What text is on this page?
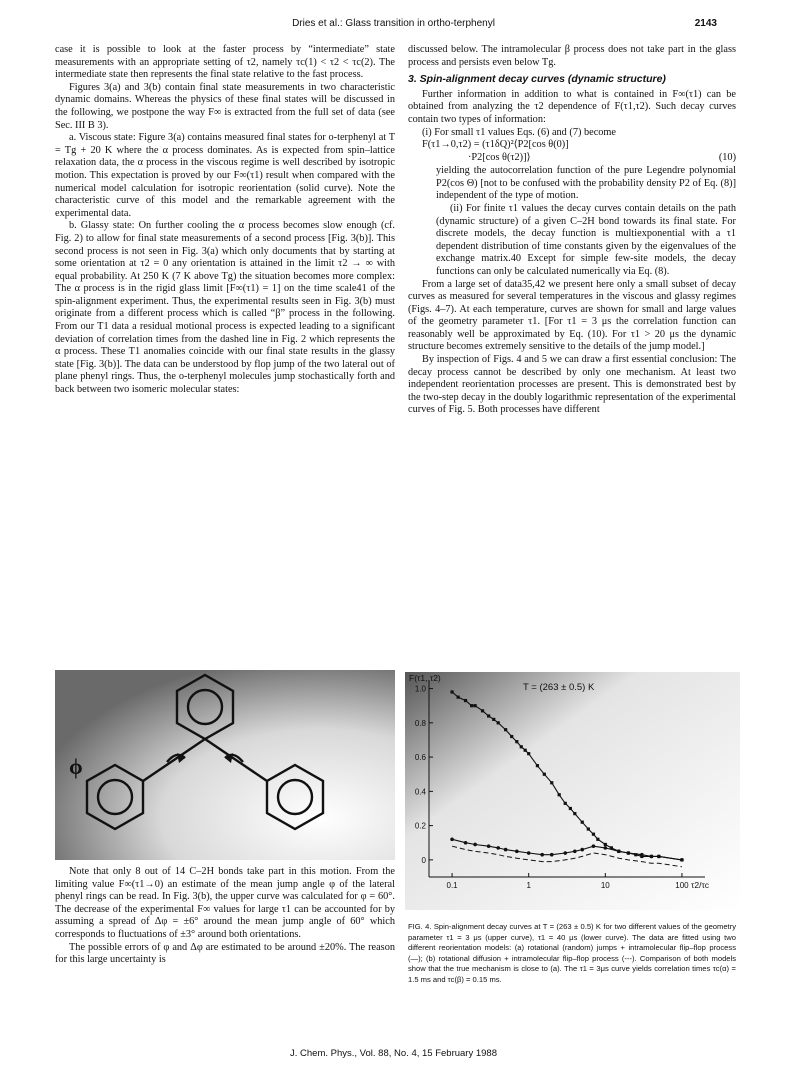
Dries et al.: Glass transition in ortho-terphenyl	2143

case it is possible to look at the faster process by “intermediate” state measurements with an appropriate setting of τ2, namely τc(1) < τ2 < τc(2). The intermediate state then represents the final state relative to the fast process.

Figures 3(a) and 3(b) contain final state measurements in two characteristic dynamic domains. Whereas the physics of these final states will be discussed in the following, we postpone the way F∞ is extracted from the full set of data (see Sec. III B 3).

a. Viscous state: Figure 3(a) contains measured final states for o-terphenyl at T = Tg + 20 K where the α process dominates. As is expected from spin–lattice relaxation data, the α process in the viscous regime is well described by isotropic motion. This expectation is proved by our F∞(τ1) result when compared with the numerical model calculation for isotropic reorientation (solid curve). Note the characteristic curve of this model and the remarkable agreement with the experimental data.

b. Glassy state: On further cooling the α process becomes slow enough (cf. Fig. 2) to allow for final state measurements of a second process [Fig. 3(b)]. This second process is not seen in Fig. 3(a) which only documents that by starting at some orientation at τ2 = 0 any orientation is attained in the limit τ2 → ∞ with equal probability. At 250 K (7 K above Tg) the situation becomes more complex: The α process is in the rigid glass limit [F∞(τ1) = 1] on the time scale41 of the spin-alignment experiment. Thus, the experimental results seen in Fig. 3(b) must originate from a different process which is called “β” process in the following. From our T1 data a residual motional process is expected leading to a significant deviation of correlation times from the dashed line in Fig. 2 which represents the α process. These T1 anomalies coincide with our final state results in the glassy state [Fig. 3(b)]. The data can be understood by flop jump of the two lateral out of plane phenyl rings. Thus, the o-terphenyl molecules jump stochastically forth and back between two isomeric molecular states:

ϕ

Note that only 8 out of 14 C–2H bonds take part in this motion. From the limiting value F∞(τ1→0) an estimate of the mean jump angle φ of the lateral phenyl rings can be read. In Fig. 3(b), the upper curve was calculated for φ = 60°. The decrease of the experimental F∞ values for large τ1 can be accounted for by assuming a spread of Δφ = ±6° around the mean jump angle of 60° which corresponds to fluctuations of ±3° around both orientations.

The possible errors of φ and Δφ are estimated to be around ±20%. The reason for this large uncertainty is

discussed below. The intramolecular β process does not take part in the glass process and persists even below Tg.

3. Spin-alignment decay curves (dynamic structure)

Further information in addition to what is contained in F∞(τ1) can be obtained from analyzing the τ2 dependence of F(τ1,τ2). Such decay curves contain two types of information:

(i) For small τ1 values Eqs. (6) and (7) become

F(τ1→0,τ2) = (τ1δQ)²⟨P2[cos θ(0)]
·P2[cos θ(τ2)]⟩	(10)

yielding the autocorrelation function of the pure Legendre polynomial P2(cos Θ) [not to be confused with the probability density P2 of Eq. (8)] independent of the type of motion.

(ii) For finite τ1 values the decay curves contain details on the path (dynamic structure) of a given C–2H bond towards its final state. For discrete models, the decay function is multiexponential with a τ1 dependent distribution of time constants given by the eigenvalues of the exchange matrix.40 Except for simple few-site models, the decay functions can only be calculated numerically via Eq. (8).

From a large set of data35,42 we present here only a small subset of decay curves as measured for several temperatures in the viscous and glassy regimes (Figs. 4–7). At each temperature, curves are shown for small and large values of the geometry parameter τ1. [For τ1 = 3 μs the correlation function can reasonably well be approximated by Eq. (10). For τ1 > 20 μs the dynamic structure becomes extremely sensitive to the details of the jump model.]

By inspection of Figs. 4 and 5 we can draw a first essential conclusion: The decay process cannot be described by only one mechanism. At least two independent reorientation processes are present. This is demonstrated best by the two-step decay in the doubly logarithmic representation of the experimental curves of Fig. 5. Both processes have different

0
0.2
0.4
0.6
0.8
1.0
0.1	1	10	100
F(τ1, τ2)
T = (263 ± 0.5) K
τ2/τc
FIG. 4. Spin-alignment decay curves at T = (263 ± 0.5) K for two different values of the geometry parameter τ1 = 3 μs (upper curve), τ1 = 40 μs (lower curve). The data are fitted using two different reorientation models: (a) rotational (random) jumps + intramolecular flip–flop process (—); (b) rotational diffusion + intramolecular flip–flop process (---). Comparison of both models show that the true mechanism is close to (a). The τ1 = 3μs curve yields correlation times τc(α) = 1.5 ms and τc(β) = 0.15 ms.
J. Chem. Phys., Vol. 88, No. 4, 15 February 1988
